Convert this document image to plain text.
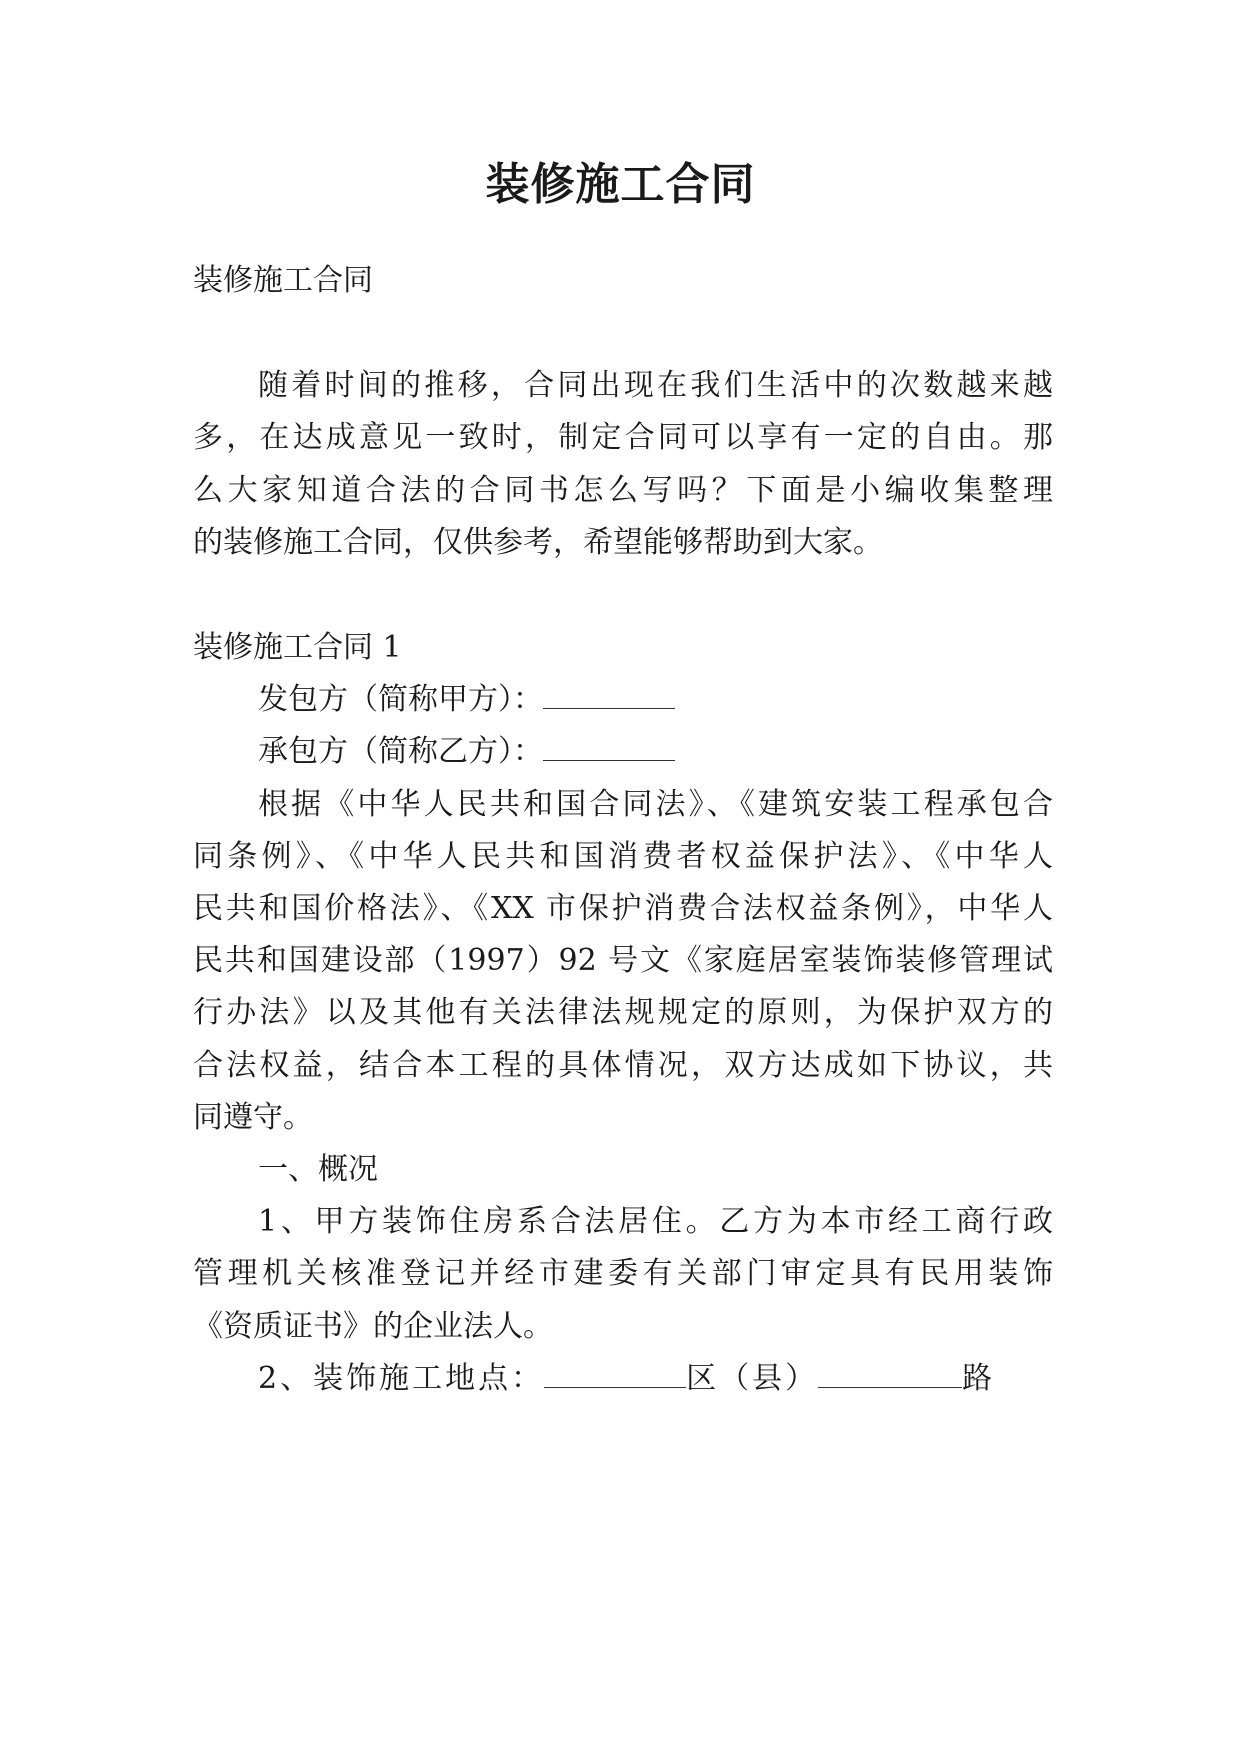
装修施工合同
装修施工合同
随着时间的推移，合同出现在我们生活中的次数越来越
多，在达成意见一致时，制定合同可以享有一定的自由。那
么大家知道合法的合同书怎么写吗？下面是小编收集整理
的装修施工合同，仅供参考，希望能够帮助到大家。
装修施工合同 1
发包方（简称甲方）：
承包方（简称乙方）：
根据《中华人民共和国合同法》、《建筑安装工程承包合
同条例》、《中华人民共和国消费者权益保护法》、《中华人
民共和国价格法》、《XX 市保护消费合法权益条例》，中华人
民共和国建设部（1997）92 号文《家庭居室装饰装修管理试
行办法》以及其他有关法律法规规定的原则，为保护双方的
合法权益，结合本工程的具体情况，双方达成如下协议，共
同遵守。
一、概况
1、甲方装饰住房系合法居住。乙方为本市经工商行政
管理机关核准登记并经市建委有关部门审定具有民用装饰
《资质证书》的企业法人。
2、装饰施工地点：	区（县）	路
